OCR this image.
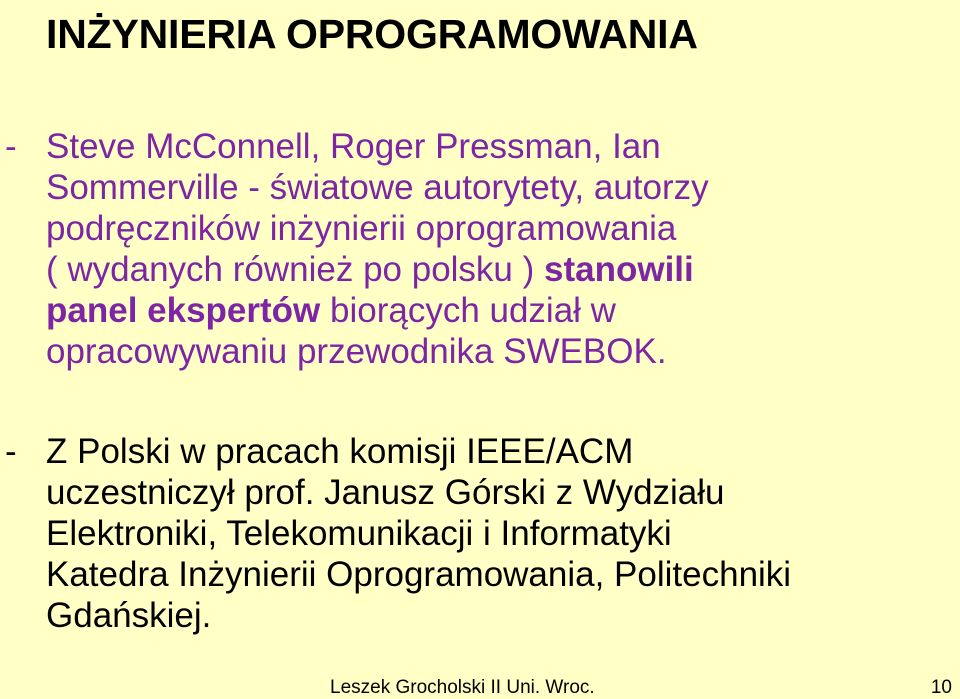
INŻYNIERIA OPROGRAMOWANIA
- Steve McConnell, Roger Pressman, Ian
Sommerville - światowe autorytety, autorzy
podręczników inżynierii oprogramowania
( wydanych również po polsku ) stanowili
panel ekspertów biorących udział w
opracowywaniu przewodnika SWEBOK.
- Z Polski w pracach komisji IEEE/ACM
uczestniczył prof. Janusz Górski z Wydziału
Elektroniki, Telekomunikacji i Informatyki
Katedra Inżynierii Oprogramowania, Politechniki
Gdańskiej.
Leszek Grocholski II Uni. Wroc.	10
